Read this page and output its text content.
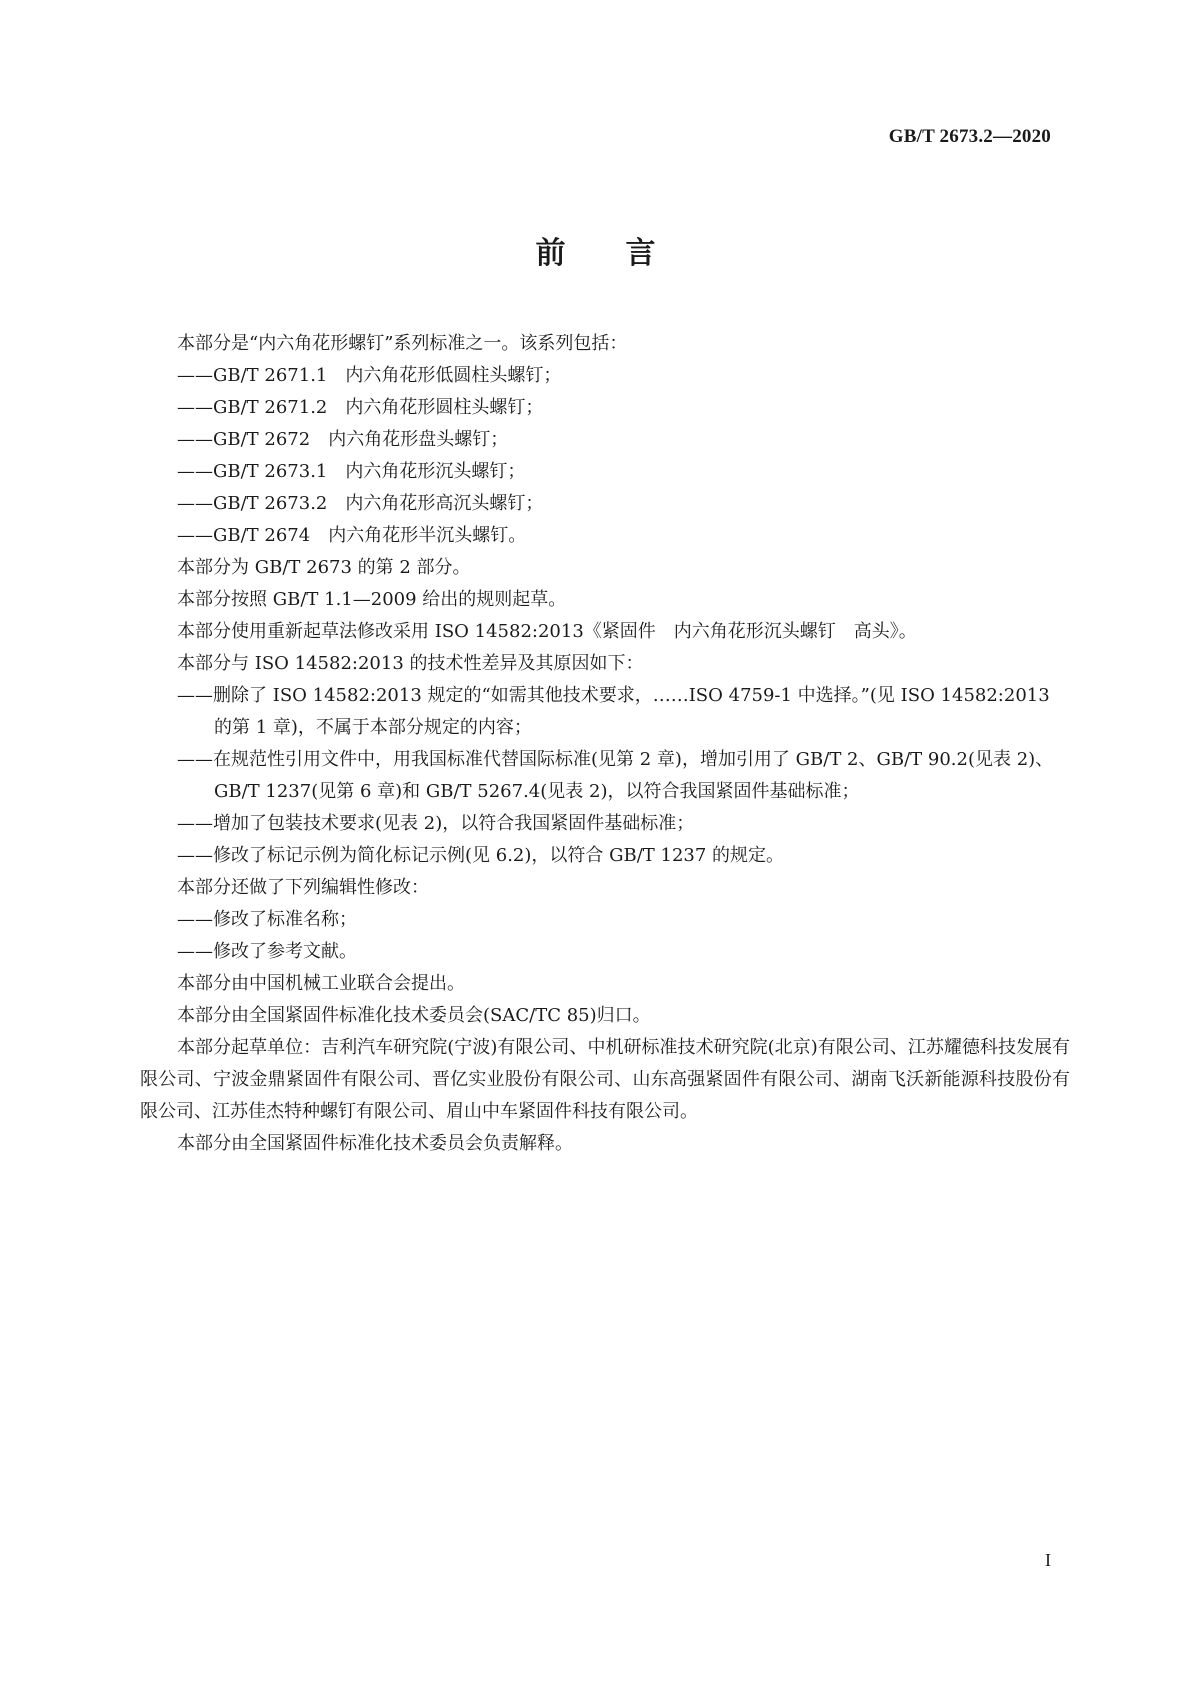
GB/T 2673.2—2020
前 言

本部分是“内六角花形螺钉”系列标准之一。该系列包括：

——GB/T 2671.1　内六角花形低圆柱头螺钉；

——GB/T 2671.2　内六角花形圆柱头螺钉；

——GB/T 2672　内六角花形盘头螺钉；

——GB/T 2673.1　内六角花形沉头螺钉；

——GB/T 2673.2　内六角花形高沉头螺钉；

——GB/T 2674　内六角花形半沉头螺钉。

本部分为 GB/T 2673 的第 2 部分。

本部分按照 GB/T 1.1—2009 给出的规则起草。

本部分使用重新起草法修改采用 ISO 14582:2013《紧固件　内六角花形沉头螺钉　高头》。

本部分与 ISO 14582:2013 的技术性差异及其原因如下：

——删除了 ISO 14582:2013 规定的“如需其他技术要求，……ISO 4759-1 中选择。”(见 ISO 14582:2013 的第 1 章)，不属于本部分规定的内容；

——在规范性引用文件中，用我国标准代替国际标准(见第 2 章)，增加引用了 GB/T 2、GB/T 90.2(见表 2)、GB/T 1237(见第 6 章)和 GB/T 5267.4(见表 2)，以符合我国紧固件基础标准；

——增加了包装技术要求(见表 2)，以符合我国紧固件基础标准；

——修改了标记示例为简化标记示例(见 6.2)，以符合 GB/T 1237 的规定。

本部分还做了下列编辑性修改：

——修改了标准名称；

——修改了参考文献。

本部分由中国机械工业联合会提出。

本部分由全国紧固件标准化技术委员会(SAC/TC 85)归口。

本部分起草单位：吉利汽车研究院(宁波)有限公司、中机研标准技术研究院(北京)有限公司、江苏耀德科技发展有限公司、宁波金鼎紧固件有限公司、晋亿实业股份有限公司、山东高强紧固件有限公司、湖南飞沃新能源科技股份有限公司、江苏佳杰特种螺钉有限公司、眉山中车紧固件科技有限公司。

本部分由全国紧固件标准化技术委员会负责解释。

I
